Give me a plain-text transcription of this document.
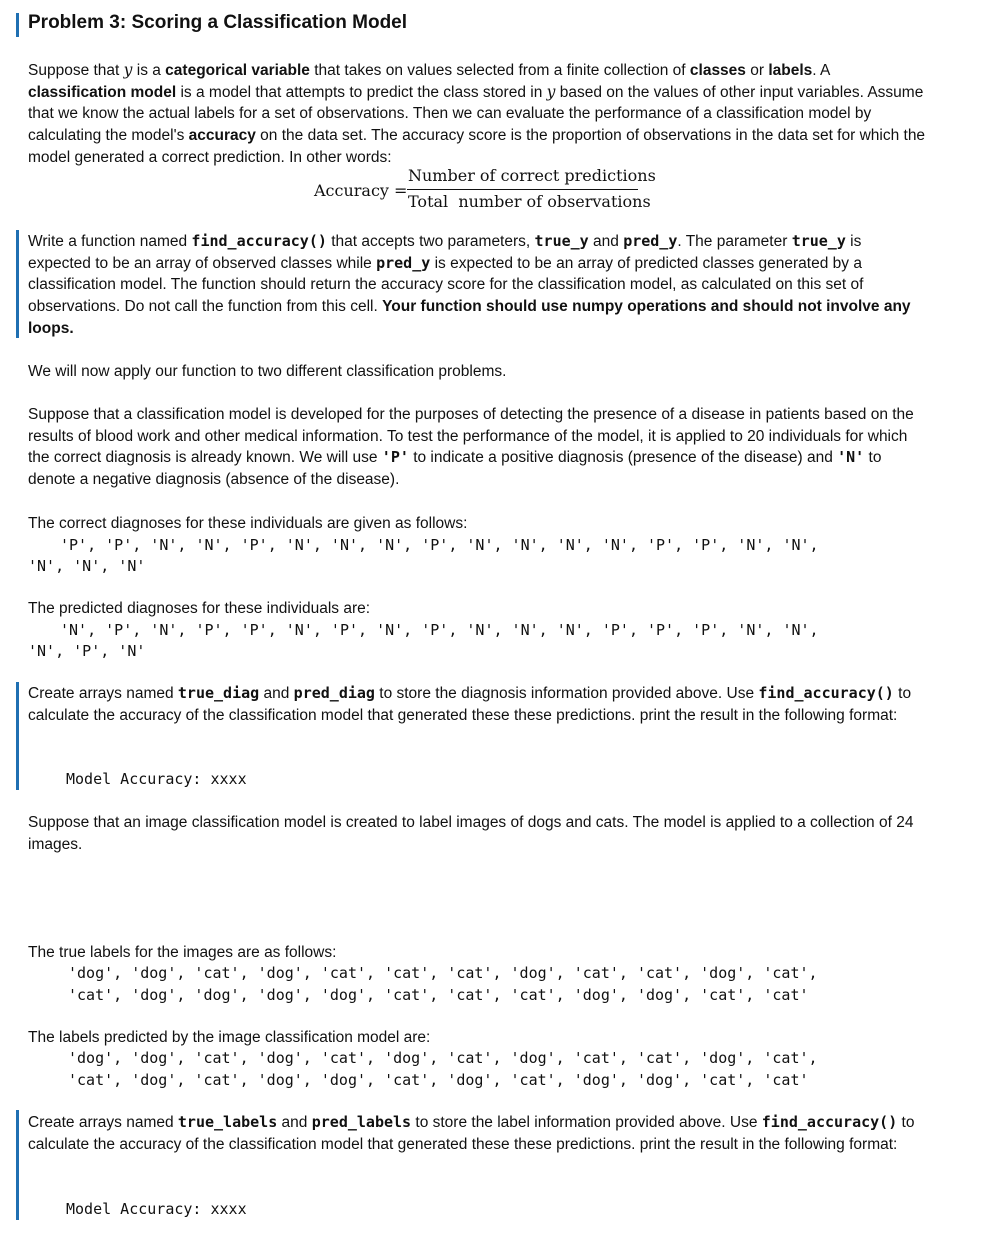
Problem 3: Scoring a Classification Model
Suppose that y is a categorical variable that takes on values selected from a finite collection of classes or labels. A classification model is a model that attempts to predict the class stored in y based on the values of other input variables. Assume that we know the actual labels for a set of observations. Then we can evaluate the performance of a classification model by calculating the model's accuracy on the data set. The accuracy score is the proportion of observations in the data set for which the model generated a correct prediction. In other words:
Accuracy =
Number of correct predictions
Total  number of observations
Write a function named find_accuracy() that accepts two parameters, true_y and pred_y. The parameter true_y is expected to be an array of observed classes while pred_y is expected to be an array of predicted classes generated by a classification model. The function should return the accuracy score for the classification model, as calculated on this set of observations. Do not call the function from this cell. Your function should use numpy operations and should not involve any loops.
We will now apply our function to two different classification problems.
Suppose that a classification model is developed for the purposes of detecting the presence of a disease in patients based on the results of blood work and other medical information. To test the performance of the model, it is applied to 20 individuals for which the correct diagnosis is already known. We will use 'P' to indicate a positive diagnosis (presence of the disease) and 'N' to denote a negative diagnosis (absence of the disease).
The correct diagnoses for these individuals are given as follows:
'P', 'P', 'N', 'N', 'P', 'N', 'N', 'N', 'P', 'N', 'N', 'N', 'N', 'P', 'P', 'N', 'N',
'N', 'N', 'N'
The predicted diagnoses for these individuals are:
'N', 'P', 'N', 'P', 'P', 'N', 'P', 'N', 'P', 'N', 'N', 'N', 'P', 'P', 'P', 'N', 'N',
'N', 'P', 'N'
Create arrays named true_diag and pred_diag to store the diagnosis information provided above. Use find_accuracy() to calculate the accuracy of the classification model that generated these these predictions. print the result in the following format:
Model Accuracy: xxxx
Suppose that an image classification model is created to label images of dogs and cats. The model is applied to a collection of 24 images.
The true labels for the images are as follows:
'dog', 'dog', 'cat', 'dog', 'cat', 'cat', 'cat', 'dog', 'cat', 'cat', 'dog', 'cat',
'cat', 'dog', 'dog', 'dog', 'dog', 'cat', 'cat', 'cat', 'dog', 'dog', 'cat', 'cat'
The labels predicted by the image classification model are:
'dog', 'dog', 'cat', 'dog', 'cat', 'dog', 'cat', 'dog', 'cat', 'cat', 'dog', 'cat',
'cat', 'dog', 'cat', 'dog', 'dog', 'cat', 'dog', 'cat', 'dog', 'dog', 'cat', 'cat'
Create arrays named true_labels and pred_labels to store the label information provided above. Use find_accuracy() to calculate the accuracy of the classification model that generated these these predictions. print the result in the following format:
Model Accuracy: xxxx
